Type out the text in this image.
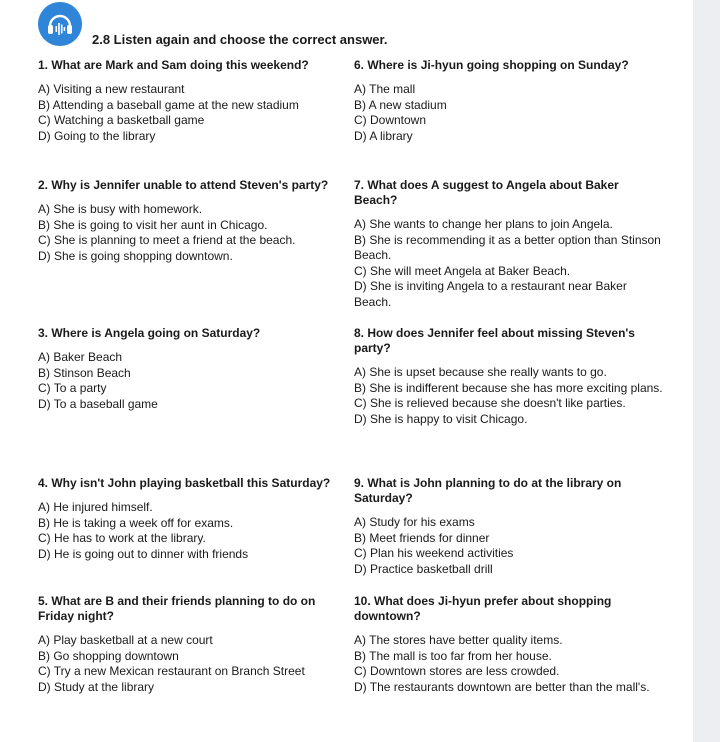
2.8 Listen again and choose the correct answer.
1. What are Mark and Sam doing this weekend?
A) Visiting a new restaurant
B) Attending a baseball game at the new stadium
C) Watching a basketball game
D) Going to the library
2. Why is Jennifer unable to attend Steven's party?
A) She is busy with homework.
B) She is going to visit her aunt in Chicago.
C) She is planning to meet a friend at the beach.
D) She is going shopping downtown.
3. Where is Angela going on Saturday?
A) Baker Beach
B) Stinson Beach
C) To a party
D) To a baseball game
4. Why isn't John playing basketball this Saturday?
A) He injured himself.
B) He is taking a week off for exams.
C) He has to work at the library.
D) He is going out to dinner with friends
5. What are B and their friends planning to do on Friday night?
A) Play basketball at a new court
B) Go shopping downtown
C) Try a new Mexican restaurant on Branch Street
D) Study at the library
6. Where is Ji-hyun going shopping on Sunday?
A) The mall
B) A new stadium
C) Downtown
D) A library
7. What does A suggest to Angela about Baker Beach?
A) She wants to change her plans to join Angela.
B) She is recommending it as a better option than Stinson Beach.
C) She will meet Angela at Baker Beach.
D) She is inviting Angela to a restaurant near Baker Beach.
8. How does Jennifer feel about missing Steven's party?
A) She is upset because she really wants to go.
B) She is indifferent because she has more exciting plans.
C) She is relieved because she doesn't like parties.
D) She is happy to visit Chicago.
9. What is John planning to do at the library on Saturday?
A) Study for his exams
B) Meet friends for dinner
C) Plan his weekend activities
D) Practice basketball drill
10. What does Ji-hyun prefer about shopping downtown?
A) The stores have better quality items.
B) The mall is too far from her house.
C) Downtown stores are less crowded.
D) The restaurants downtown are better than the mall's.
